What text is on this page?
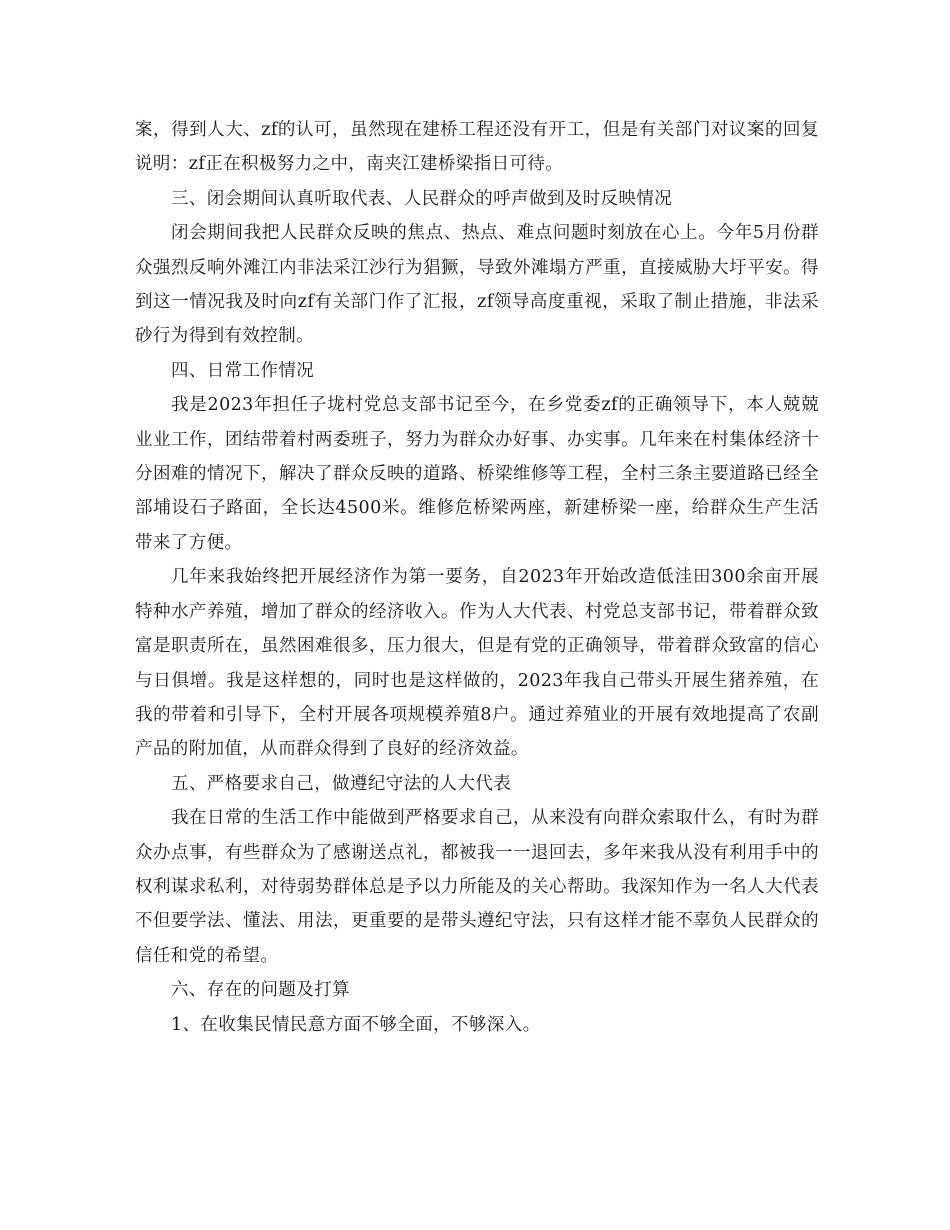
案，得到人大、zf的认可，虽然现在建桥工程还没有开工，但是有关部门对议案的回复说明：zf正在积极努力之中，南夹江建桥梁指日可待。

三、闭会期间认真听取代表、人民群众的呼声做到及时反映情况

闭会期间我把人民群众反映的焦点、热点、难点问题时刻放在心上。今年5月份群众强烈反响外滩江内非法采江沙行为猖獗，导致外滩塌方严重，直接威胁大圩平安。得到这一情况我及时向zf有关部门作了汇报，zf领导高度重视，采取了制止措施，非法采砂行为得到有效控制。

四、日常工作情况

我是2023年担任子垅村党总支部书记至今，在乡党委zf的正确领导下，本人兢兢业业工作，团结带着村两委班子，努力为群众办好事、办实事。几年来在村集体经济十分困难的情况下，解决了群众反映的道路、桥梁维修等工程，全村三条主要道路已经全部埔设石子路面，全长达4500米。维修危桥梁两座，新建桥梁一座，给群众生产生活带来了方便。

几年来我始终把开展经济作为第一要务，自2023年开始改造低洼田300余亩开展特种水产养殖，增加了群众的经济收入。作为人大代表、村党总支部书记，带着群众致富是职责所在，虽然困难很多，压力很大，但是有党的正确领导，带着群众致富的信心与日俱增。我是这样想的，同时也是这样做的，2023年我自己带头开展生猪养殖，在我的带着和引导下，全村开展各项规模养殖8户。通过养殖业的开展有效地提高了农副产品的附加值，从而群众得到了良好的经济效益。

五、严格要求自己，做遵纪守法的人大代表

我在日常的生活工作中能做到严格要求自己，从来没有向群众索取什么，有时为群众办点事，有些群众为了感谢送点礼，都被我一一退回去，多年来我从没有利用手中的权利谋求私利，对待弱势群体总是予以力所能及的关心帮助。我深知作为一名人大代表不但要学法、懂法、用法，更重要的是带头遵纪守法，只有这样才能不辜负人民群众的信任和党的希望。

六、存在的问题及打算

1、在收集民情民意方面不够全面，不够深入。
